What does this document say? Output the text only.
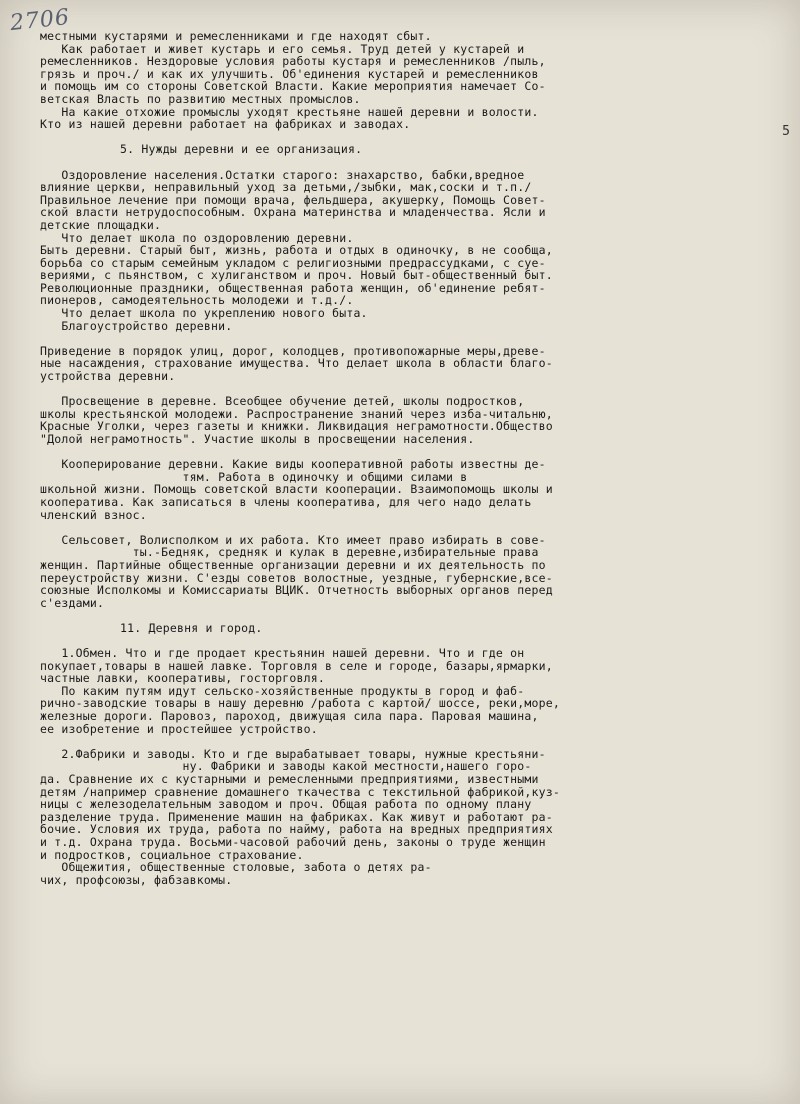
2706
5
местными кустарями и ремесленниками и где находят сбыт.
Как работает и живет кустарь и его семья. Труд детей у кустарей и
ремесленников. Нездоровые условия работы кустаря и ремесленников /пыль,
грязь и проч./ и как их улучшить. Об'единения кустарей и ремесленников
и помощь им со стороны Советской Власти. Какие мероприятия намечает Со-
ветская Власть по развитию местных промыслов.
На какие отхожие промыслы уходят крестьяне нашей деревни и волости.
Кто из нашей деревни работает на фабриках и заводах.
5. Нужды деревни и ее организация.
Оздоровление населения.Остатки старого: знахарство, бабки,вредное
влияние церкви, неправильный уход за детьми,/зыбки, мак,соски и т.п./
Правильное лечение при помощи врача, фельдшера, акушерку, Помощь Совет-
ской власти нетрудоспособным. Охрана материнства и младенчества. Ясли и
детские площадки.
Что делает школа по оздоровлению деревни.
Быть деревни. Старый быт, жизнь, работа и отдых в одиночку, в не сообща,
борьба со старым семейным укладом с религиозными предрассудками, с суе-
вериями, с пьянством, с хулиганством и проч. Новый быт-общественный быт.
Революционные праздники, общественная работа женщин, об'единение ребят-
пионеров, самодеятельность молодежи и т.д./.
Что делает школа по укреплению нового быта.
Благоустройство деревни.
Приведение в порядок улиц, дорог, колодцев, противопожарные меры,древе-
ные насаждения, страхование имущества. Что делает школа в области благо-
устройства деревни.
Просвещение в деревне. Всеобщее обучение детей, школы подростков,
школы крестьянской молодежи. Распространение знаний через изба-читальню,
Красные Уголки, через газеты и книжки. Ликвидация неграмотности.Общество
"Долой неграмотность". Участие школы в просвещении населения.
Кооперирование деревни. Какие виды кооперативной работы известны де-
тям. Работа в одиночку и общими силами в
школьной жизни. Помощь советской власти кооперации. Взаимопомощь школы и
кооператива. Как записаться в члены кооператива, для чего надо делать
членский взнос.
Сельсовет, Волисполком и их работа. Кто имеет право избирать в сове-
ты.-Бедняк, средняк и кулак в деревне,избирательные права
женщин. Партийные общественные организации деревни и их деятельность по
переустройству жизни. С'езды советов волостные, уездные, губернские,все-
союзные Исполкомы и Комиссариаты ВЦИК. Отчетность выборных органов перед
с'ездами.
11. Деревня и город.
1.Обмен. Что и где продает крестьянин нашей деревни. Что и где он
покупает,товары в нашей лавке. Торговля в селе и городе, базары,ярмарки,
частные лавки, кооперативы, госторговля.
По каким путям идут сельско-хозяйственные продукты в город и фаб-
рично-заводские товары в нашу деревню /работа с картой/ шоссе, реки,море,
железные дороги. Паровоз, пароход, движущая сила пара. Паровая машина,
ее изобретение и простейшее устройство.
2.Фабрики и заводы. Кто и где вырабатывает товары, нужные крестьяни-
ну. Фабрики и заводы какой местности,нашего горо-
да. Сравнение их с кустарными и ремесленными предприятиями, известными
детям /например сравнение домашнего ткачества с текстильной фабрикой,куз-
ницы с железоделательным заводом и проч. Общая работа по одному плану
разделение труда. Применение машин на фабриках. Как живут и работают ра-
бочие. Условия их труда, работа по найму, работа на вредных предприятиях
и т.д. Охрана труда. Восьми-часовой рабочий день, законы о труде женщин
и подростков, социальное страхование.
Общежития, общественные столовые, забота о детях ра-
чих, профсоюзы, фабзавкомы.
